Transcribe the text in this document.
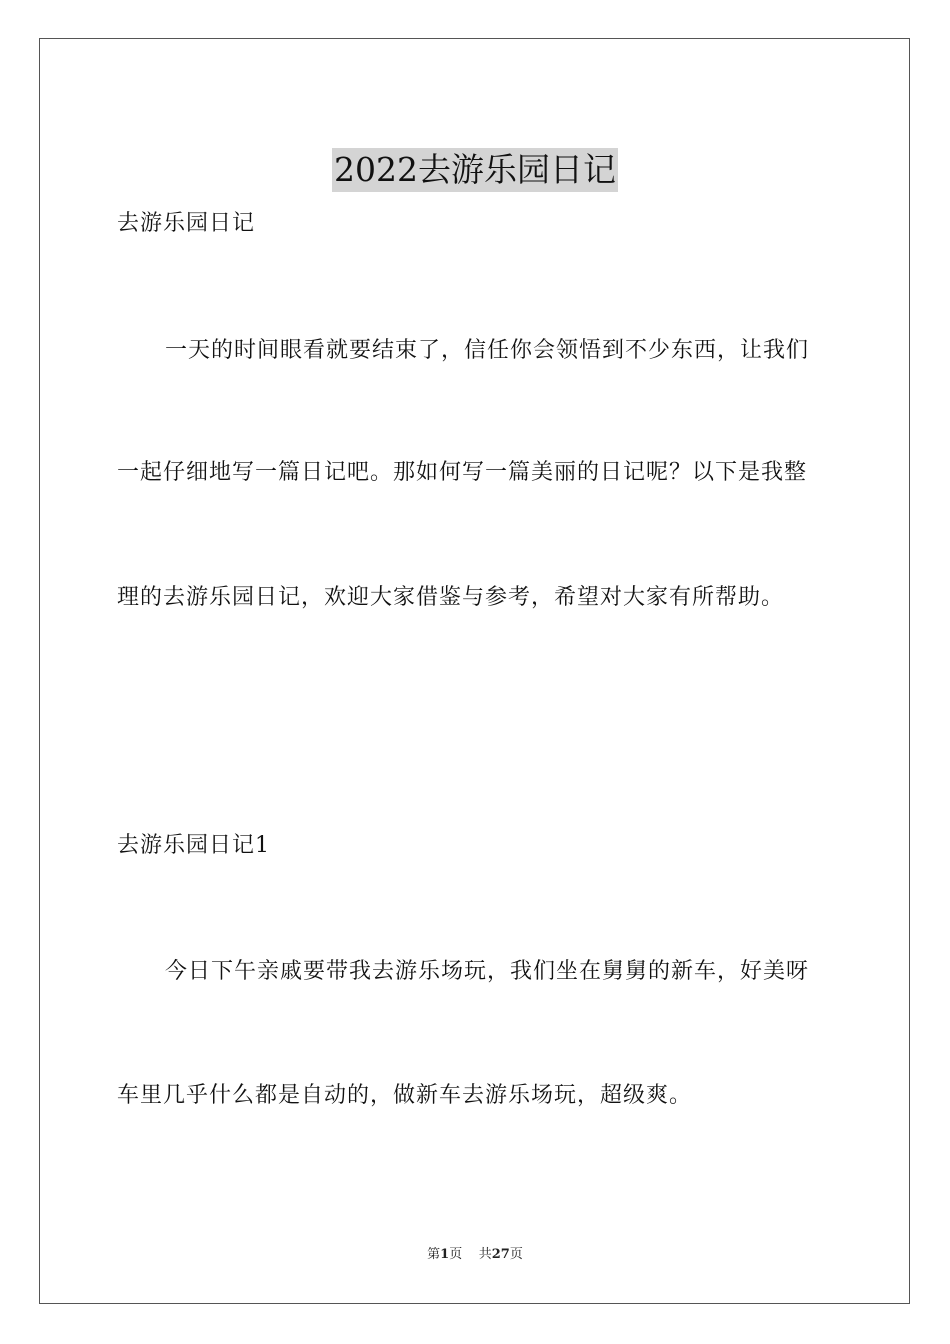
2022去游乐园日记
去游乐园日记
一天的时间眼看就要结束了，信任你会领悟到不少东西，让我们
一起仔细地写一篇日记吧。那如何写一篇美丽的日记呢？以下是我整
理的去游乐园日记，欢迎大家借鉴与参考，希望对大家有所帮助。
去游乐园日记1
今日下午亲戚要带我去游乐场玩，我们坐在舅舅的新车，好美呀
车里几乎什么都是自动的，做新车去游乐场玩，超级爽。
第1页 共27页
